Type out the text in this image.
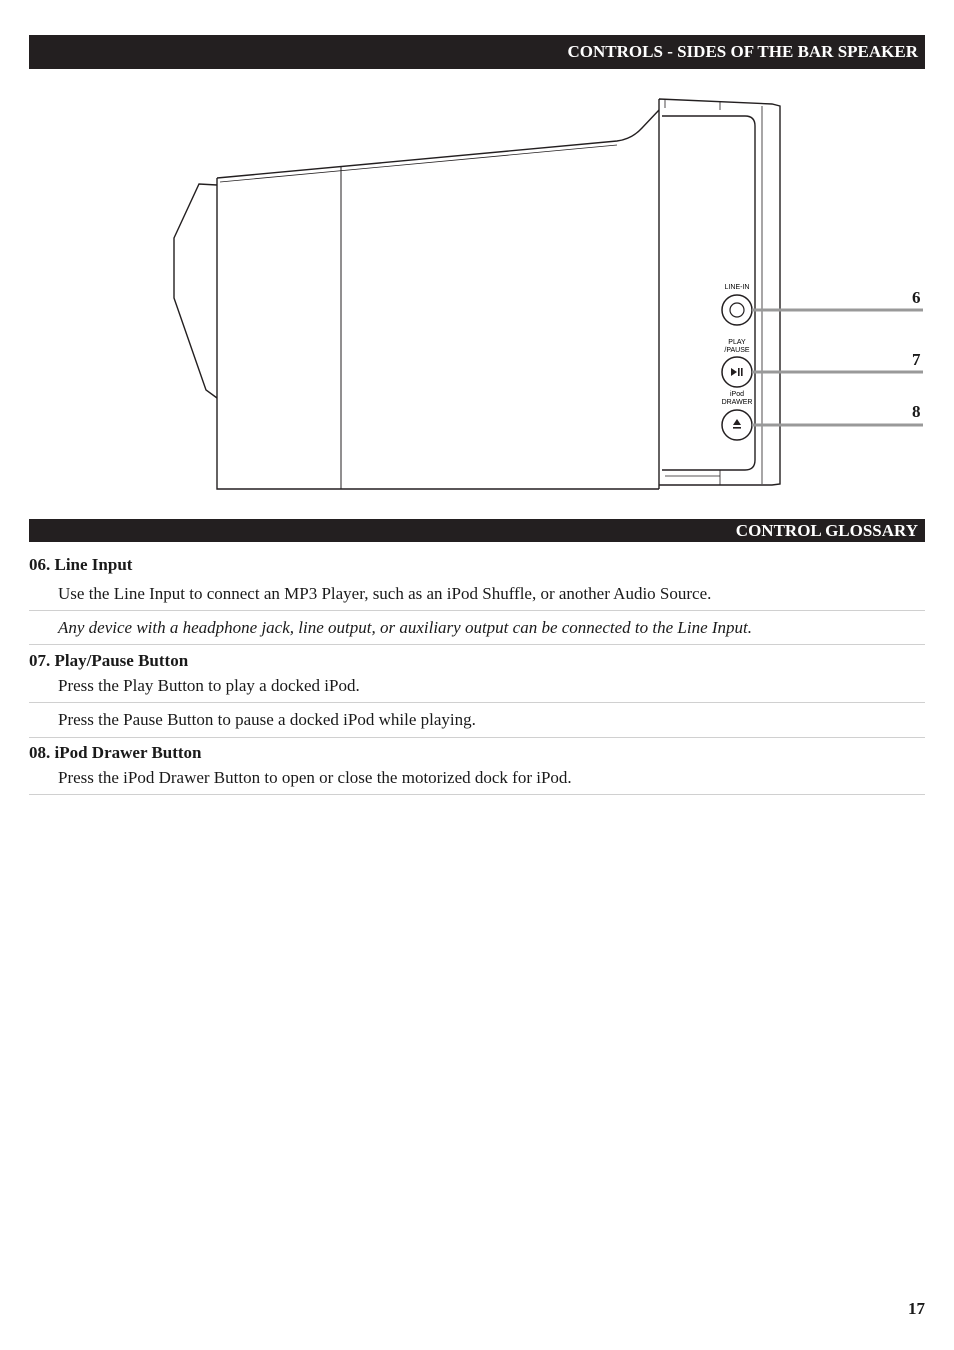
CONTROLS - SIDES OF THE BAR SPEAKER
LINE-IN
PLAY
/PAUSE
iPod
DRAWER
6
7
8
CONTROL GLOSSARY
06. Line Input
Use the Line Input to connect an MP3 Player, such as an iPod Shuffle, or another Audio Source.
Any device with a headphone jack, line output, or auxiliary output can be connected to the Line Input.
07. Play/Pause Button
Press the Play Button to play a docked iPod.
Press the Pause Button to pause a docked iPod while playing.
08. iPod Drawer Button
Press the iPod Drawer Button to open or close the motorized dock for iPod.
17
